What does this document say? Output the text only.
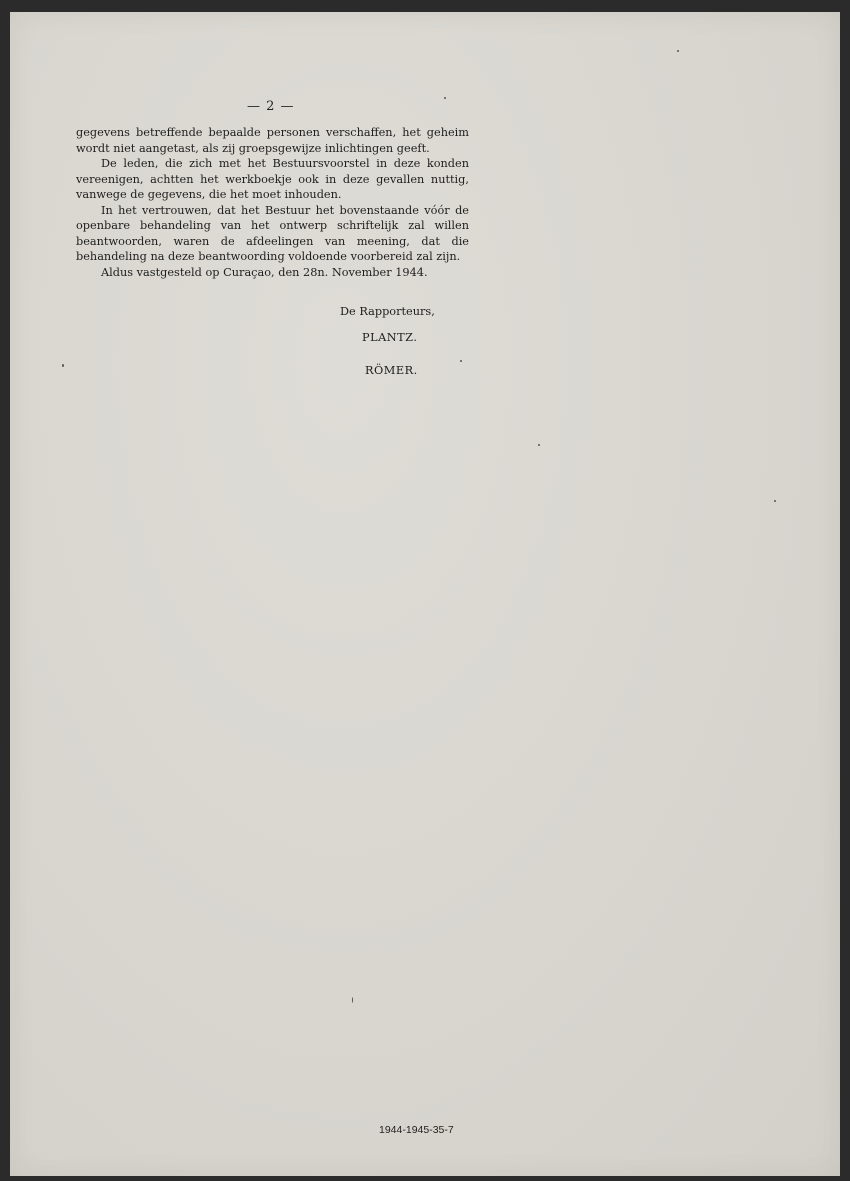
— 2 —

gegevens betreffende bepaalde personen verschaffen, het geheim wordt niet aangetast, als zij groepsgewijze inlichtingen geeft.

De leden, die zich met het Bestuursvoorstel in deze konden vereenigen, achtten het werkboekje ook in deze gevallen nuttig, vanwege de gegevens, die het moet inhouden.

In het vertrouwen, dat het Bestuur het bovenstaande vóór de openbare behandeling van het ontwerp schriftelijk zal willen beantwoorden, waren de afdeelingen van meening, dat die behandeling na deze beantwoording voldoende voorbereid zal zijn.

Aldus vastgesteld op Curaçao, den 28n. November 1944.

De Rapporteurs,
PLANTZ.
RÖMER.
1944-1945-35-7
